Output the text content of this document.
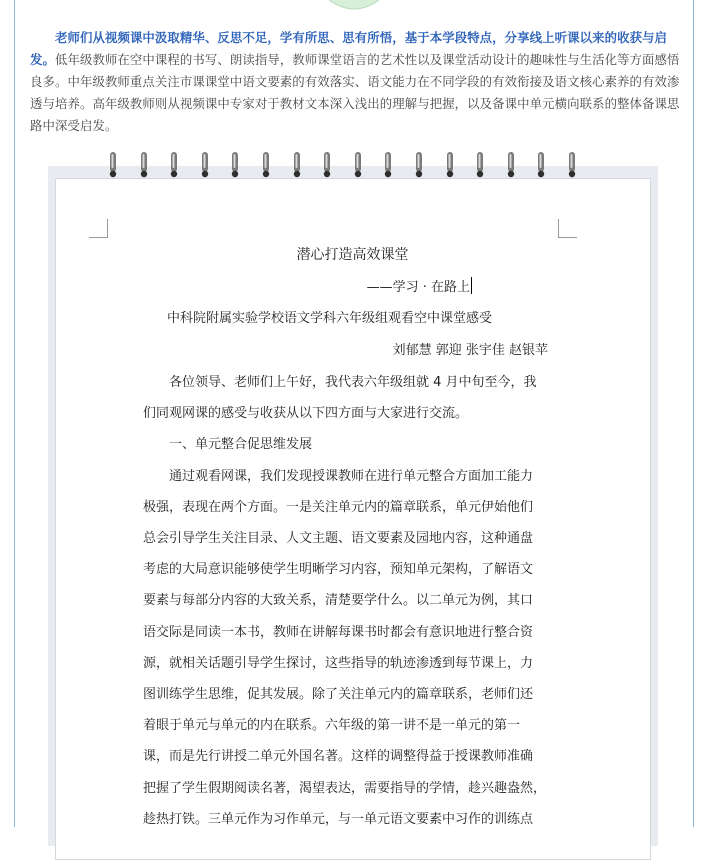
老师们从视频课中汲取精华、反思不足，学有所思、思有所悟，基于本学段特点，分享线上听课以来的收获与启发。低年级教师在空中课程的书写、朗读指导，教师课堂语言的艺术性以及课堂活动设计的趣味性与生活化等方面感悟良多。中年级教师重点关注市课课堂中语文要素的有效落实、语文能力在不同学段的有效衔接及语文核心素养的有效渗透与培养。高年级教师则从视频课中专家对于教材文本深入浅出的理解与把握，以及备课中单元横向联系的整体备课思路中深受启发。
潜心打造高效课堂
——学习 · 在路上
中科院附属实验学校语文学科六年级组观看空中课堂感受
刘郁慧 郭迎 张宇佳 赵银苹
　　各位领导、老师们上午好，我代表六年级组就 4 月中旬至今，我
们同观网课的感受与收获从以下四方面与大家进行交流。
　　一、单元整合促思维发展
　　通过观看网课，我们发现授课教师在进行单元整合方面加工能力
极强，表现在两个方面。一是关注单元内的篇章联系，单元伊始他们
总会引导学生关注目录、人文主题、语文要素及园地内容，这种通盘
考虑的大局意识能够使学生明晰学习内容，预知单元架构，了解语文
要素与每部分内容的大致关系，清楚要学什么。以二单元为例，其口
语交际是同读一本书，教师在讲解每课书时都会有意识地进行整合资
源，就相关话题引导学生探讨，这些指导的轨迹渗透到每节课上，力
图训练学生思维，促其发展。除了关注单元内的篇章联系，老师们还
着眼于单元与单元的内在联系。六年级的第一讲不是一单元的第一
课，而是先行讲授二单元外国名著。这样的调整得益于授课教师准确
把握了学生假期阅读名著，渴望表达，需要指导的学情，趁兴趣盎然，
趁热打铁。三单元作为习作单元，与一单元语文要素中习作的训练点
